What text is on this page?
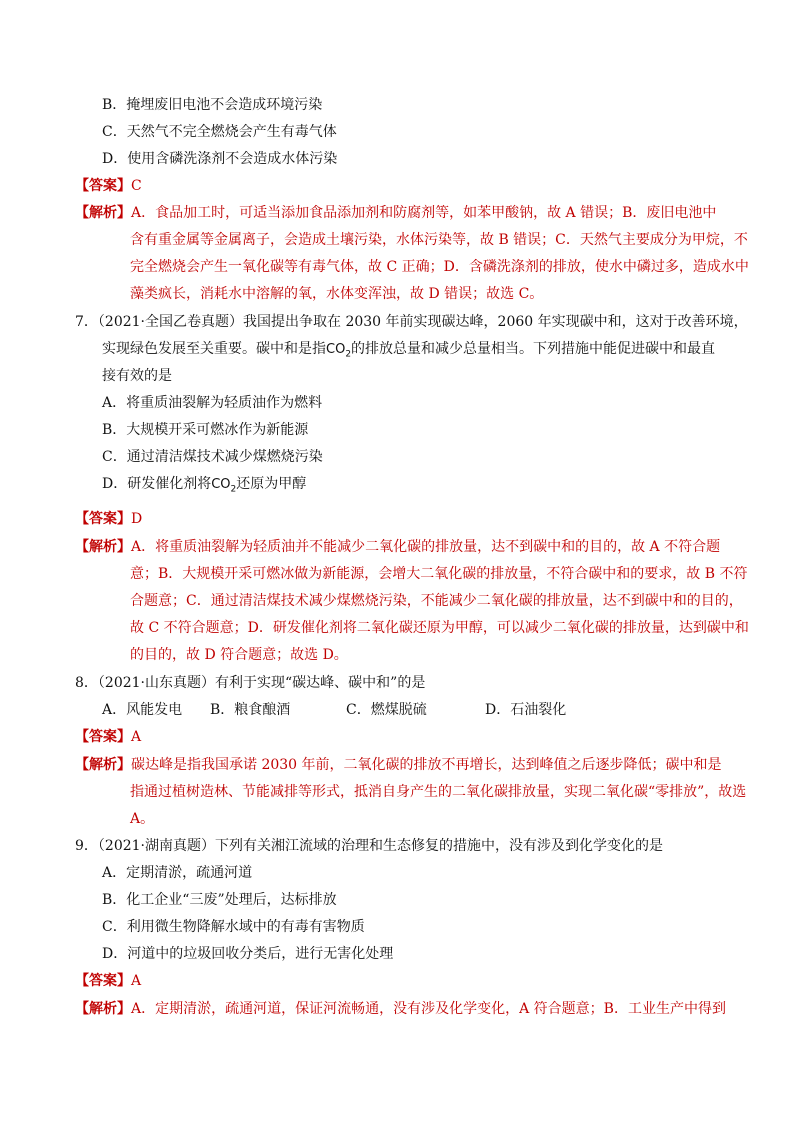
B．掩埋废旧电池不会造成环境污染
C．天然气不完全燃烧会产生有毒气体
D．使用含磷洗涤剂不会造成水体污染
【答案】C
【解析】A．食品加工时，可适当添加食品添加剂和防腐剂等，如苯甲酸钠，故 A 错误；B．废旧电池中
含有重金属等金属离子，会造成土壤污染，水体污染等，故 B 错误；C．天然气主要成分为甲烷，不
完全燃烧会产生一氧化碳等有毒气体，故 C 正确；D．含磷洗涤剂的排放，使水中磷过多，造成水中
藻类疯长，消耗水中溶解的氧，水体变浑浊，故 D 错误；故选 C。
7．（2021·全国乙卷真题）我国提出争取在 2030 年前实现碳达峰，2060 年实现碳中和，这对于改善环境，
实现绿色发展至关重要。碳中和是指$CO_2$的排放总量和减少总量相当。下列措施中能促进碳中和最直
接有效的是
A．将重质油裂解为轻质油作为燃料
B．大规模开采可燃冰作为新能源
C．通过清洁煤技术减少煤燃烧污染
D．研发催化剂将$CO_2$还原为甲醇
【答案】D
【解析】A．将重质油裂解为轻质油并不能减少二氧化碳的排放量，达不到碳中和的目的，故 A 不符合题
意；B．大规模开采可燃冰做为新能源，会增大二氧化碳的排放量，不符合碳中和的要求，故 B 不符
合题意；C．通过清洁煤技术减少煤燃烧污染，不能减少二氧化碳的排放量，达不到碳中和的目的，
故 C 不符合题意；D．研发催化剂将二氧化碳还原为甲醇，可以减少二氧化碳的排放量，达到碳中和
的目的，故 D 符合题意；故选 D。
8．（2021·山东真题）有利于实现“碳达峰、碳中和”的是
A．风能发电 B．粮食酿酒	C．燃煤脱硫	D．石油裂化
【答案】A
【解析】碳达峰是指我国承诺 2030 年前，二氧化碳的排放不再增长，达到峰值之后逐步降低；碳中和是
指通过植树造林、节能减排等形式，抵消自身产生的二氧化碳排放量，实现二氧化碳“零排放”，故选
A。
9．（2021·湖南真题）下列有关湘江流域的治理和生态修复的措施中，没有涉及到化学变化的是
A．定期清淤，疏通河道
B．化工企业“三废”处理后，达标排放
C．利用微生物降解水域中的有毒有害物质
D．河道中的垃圾回收分类后，进行无害化处理
【答案】A
【解析】A．定期清淤，疏通河道，保证河流畅通，没有涉及化学变化，A 符合题意；B．工业生产中得到
